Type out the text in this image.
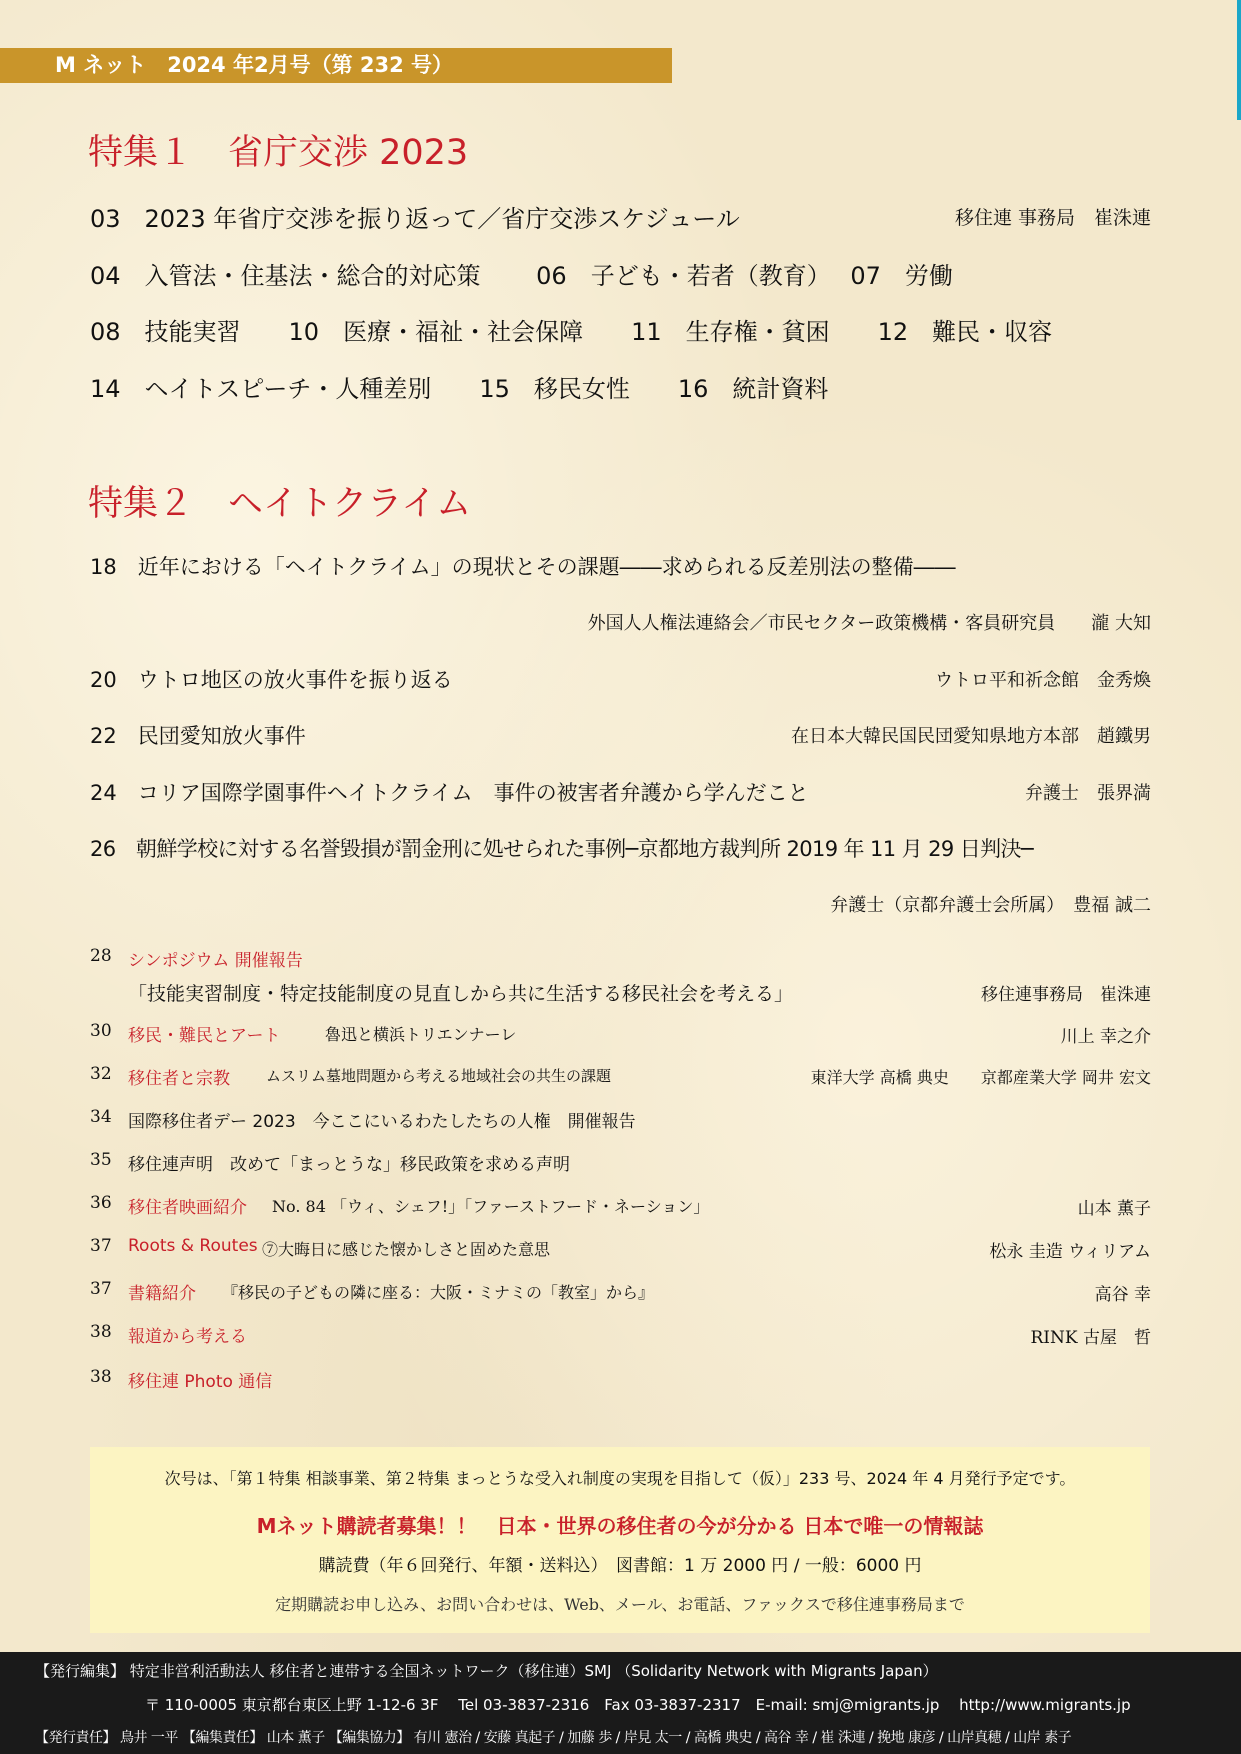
M ネット　2024 年2月号（第 232 号）
特集１　省庁交渉 2023
03　2023 年省庁交渉を振り返って／省庁交渉スケジュール	移住連 事務局　崔洙連
04　入管法・住基法・総合的対応策　　 06　子ども・若者（教育）　 07　労働
08　技能実習　　10　医療・福祉・社会保障　　11　生存権・貧困　　12　難民・収容
14　ヘイトスピーチ・人種差別　　15　移民女性　　16　統計資料
特集２　ヘイトクライム
18　近年における「ヘイトクライム」の現状とその課題――求められる反差別法の整備――
外国人人権法連絡会／市民セクター政策機構・客員研究員　　瀧 大知
20　ウトロ地区の放火事件を振り返る	ウトロ平和祈念館　金秀煥
22　民団愛知放火事件	在日本大韓民国民団愛知県地方本部　趙鐵男
24　コリア国際学園事件ヘイトクライム　事件の被害者弁護から学んだこと	弁護士　張界満
26　朝鮮学校に対する名誉毀損が罰金刑に処せられた事例─京都地方裁判所 2019 年 11 月 29 日判決─
弁護士（京都弁護士会所属）　豊福 誠二
28 シンポジウム 開催報告
「技能実習制度・特定技能制度の見直しから共に生活する移民社会を考える」	移住連事務局　崔洙連
30 移民・難民とアート	魯迅と横浜トリエンナーレ	川上 幸之介
32 移住者と宗教 ムスリム墓地問題から考える地域社会の共生の課題	東洋大学 高橋 典史　　京都産業大学 岡井 宏文
34 国際移住者デー 2023　今ここにいるわたしたちの人権　開催報告
35 移住連声明　改めて「まっとうな」移民政策を求める声明
36 移住者映画紹介 No. 84 「ウィ、シェフ!」「ファーストフード・ネーション」	山本 薫子
37 Roots & Routes ⑦大晦日に感じた懐かしさと固めた意思	松永 圭造 ウィリアム
37 書籍紹介 『移民の子どもの隣に座る：大阪・ミナミの「教室」から』	高谷 幸
38 報道から考える	RINK 古屋　哲
38 移住連 Photo 通信
次号は、「第１特集 相談事業、第２特集 まっとうな受入れ制度の実現を目指して（仮）」233 号、2024 年 4 月発行予定です。
Mネット購読者募集！！　日本・世界の移住者の今が分かる 日本で唯一の情報誌
購読費（年６回発行、年額・送料込）　図書館：1 万 2000 円 / 一般：6000 円
定期購読お申し込み、お問い合わせは、Web、メール、お電話、ファックスで移住連事務局まで
【発行編集】 特定非営利活動法人 移住者と連帯する全国ネットワーク（移住連）SMJ （Solidarity Network with Migrants Japan）
〒 110-0005 東京都台東区上野 1-12-6 3F　 Tel 03-3837-2316　Fax 03-3837-2317　E-mail: smj@migrants.jp　 http://www.migrants.jp
【発行責任】 鳥井 一平 【編集責任】 山本 薫子 【編集協力】 有川 憲治 / 安藤 真起子 / 加藤 歩 / 岸見 太一 / 高橋 典史 / 高谷 幸 / 崔 洙連 / 挽地 康彦 / 山岸真穂 / 山岸 素子
